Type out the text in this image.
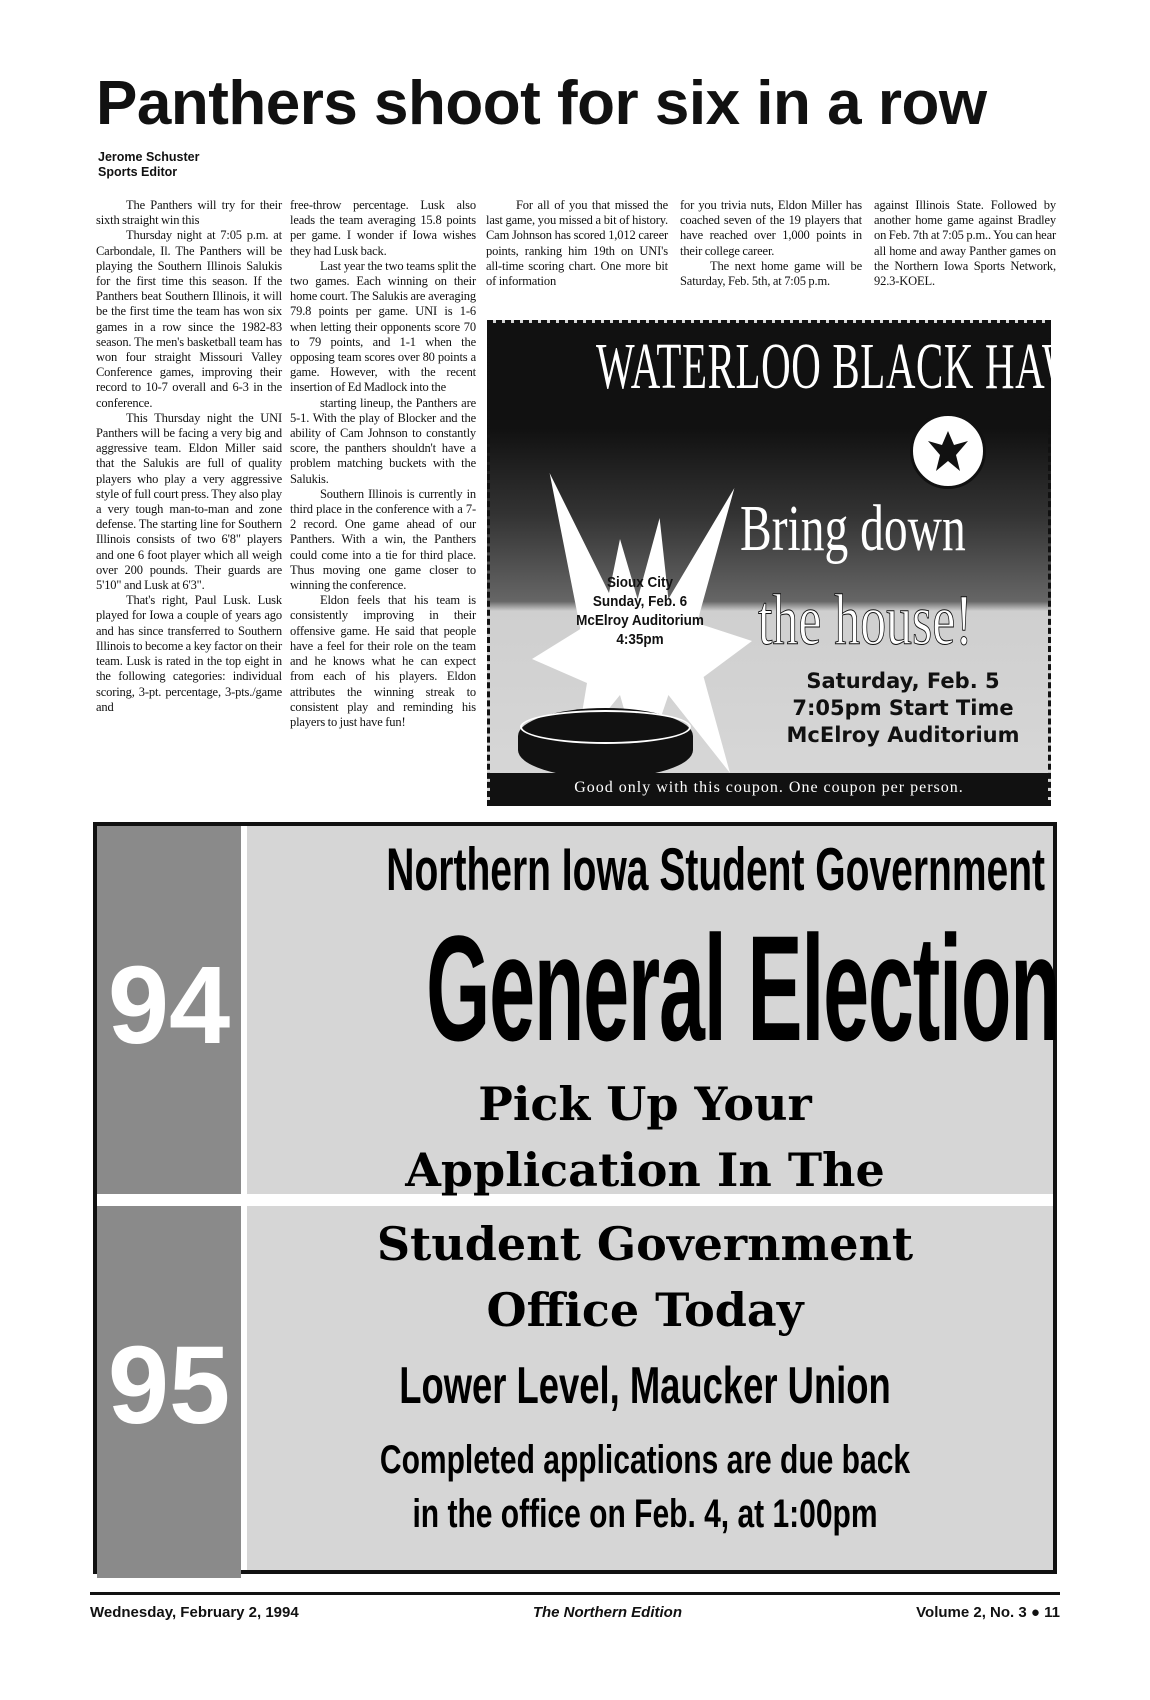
Panthers shoot for six in a row
Jerome Schuster
Sports Editor

The Panthers will try for their sixth straight win this

Thursday night at 7:05 p.m. at Carbondale, Il. The Panthers will be playing the Southern Illinois Salukis for the first time this season. If the Panthers beat Southern Illinois, it will be the first time the team has won six games in a row since the 1982-83 season. The men's basketball team has won four straight Missouri Valley Conference games, improving their record to 10-7 overall and 6-3 in the conference.

This Thursday night the UNI Panthers will be facing a very big and aggressive team. Eldon Miller said that the Salukis are full of quality players who play a very aggressive style of full court press. They also play a very tough man-to-man and zone defense. The starting line for Southern Illinois consists of two 6'8" players and one 6 foot player which all weigh over 200 pounds. Their guards are 5'10" and Lusk at 6'3".

That's right, Paul Lusk. Lusk played for Iowa a couple of years ago and has since transferred to Southern Illinois to become a key factor on their team. Lusk is rated in the top eight in the following categories: individual scoring, 3-pt. percentage, 3-pts./game and

free-throw percentage. Lusk also leads the team averaging 15.8 points per game. I wonder if Iowa wishes they had Lusk back.

Last year the two teams split the two games. Each winning on their home court. The Salukis are averaging 79.8 points per game. UNI is 1-6 when letting their opponents score 70 to 79 points, and 1-1 when the opposing team scores over 80 points a game. However, with the recent insertion of Ed Madlock into the

starting lineup, the Panthers are 5-1. With the play of Blocker and the ability of Cam Johnson to constantly score, the panthers shouldn't have a problem matching buckets with the Salukis.

Southern Illinois is currently in third place in the conference with a 7-2 record. One game ahead of our Panthers. With a win, the Panthers could come into a tie for third place. Thus moving one game closer to winning the conference.

Eldon feels that his team is consistently improving in their offensive game. He said that people have a feel for their role on the team and he knows what he can expect from each of his players. Eldon attributes the winning streak to consistent play and reminding his players to just have fun!

For all of you that missed the last game, you missed a bit of history. Cam Johnson has scored 1,012 career points, ranking him 19th on UNI's all-time scoring chart. One more bit of information

for you trivia nuts, Eldon Miller has coached seven of the 19 players that have reached over 1,000 points in their college career.

The next home game will be Saturday, Feb. 5th, at 7:05 p.m.

against Illinois State. Followed by another home game against Bradley on Feb. 7th at 7:05 p.m.. You can hear all home and away Panther games on the Northern Iowa Sports Network, 92.3-KOEL.

WATERLOO BLACK HAWKS
Sioux City
Sunday, Feb. 6
McElroy Auditorium
4:35pm
Bring down
the house!
Saturday, Feb. 5
7:05pm Start Time
McElroy Auditorium
Good only with this coupon. One coupon per person.
94
95
Northern Iowa Student Government
General Election
Pick Up Your
Application In The
Student Government
Office Today
Lower Level, Maucker Union
Completed applications are due back
in the office on Feb. 4, at 1:00pm
Wednesday, February 2, 1994	The Northern Edition	Volume 2, No. 3 ● 11
